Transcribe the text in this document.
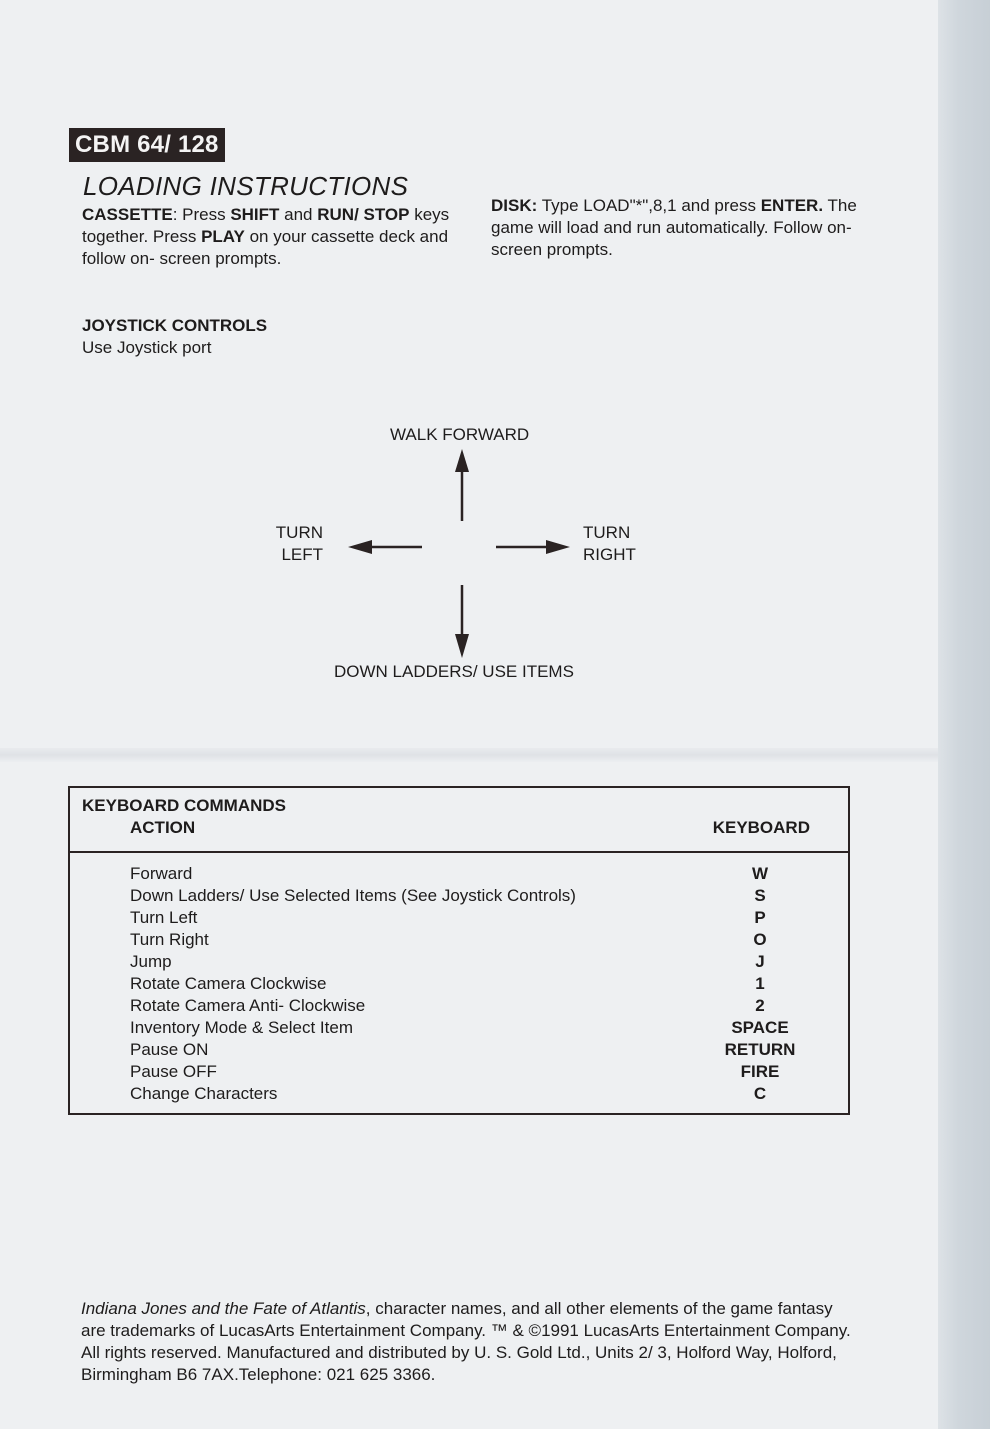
CBM 64/ 128
LOADING INSTRUCTIONS

CASSETTE: Press SHIFT and RUN/ STOP keys together. Press PLAY on your cassette deck and follow on- screen prompts.

DISK: Type LOAD"*",8,1 and press ENTER. The game will load and run automatically. Follow on- screen prompts.

JOYSTICK CONTROLS
Use Joystick port
WALK FORWARD
TURN
LEFT
TURN
RIGHT
DOWN LADDERS/ USE ITEMS
KEYBOARD COMMANDS
ACTION	KEYBOARD
Forward	W
Down Ladders/ Use Selected Items (See Joystick Controls)	S
Turn Left	P
Turn Right	O
Jump	J
Rotate Camera Clockwise	1
Rotate Camera Anti- Clockwise	2
Inventory Mode & Select Item	SPACE
Pause ON	RETURN
Pause OFF	FIRE
Change Characters	C

Indiana Jones and the Fate of Atlantis, character names, and all other elements of the game fantasy are trademarks of LucasArts Entertainment Company. ™ & ©1991 LucasArts Entertainment Company. All rights reserved. Manufactured and distributed by U. S. Gold Ltd., Units 2/ 3, Holford Way, Holford, Birmingham B6 7AX.Telephone: 021 625 3366.
